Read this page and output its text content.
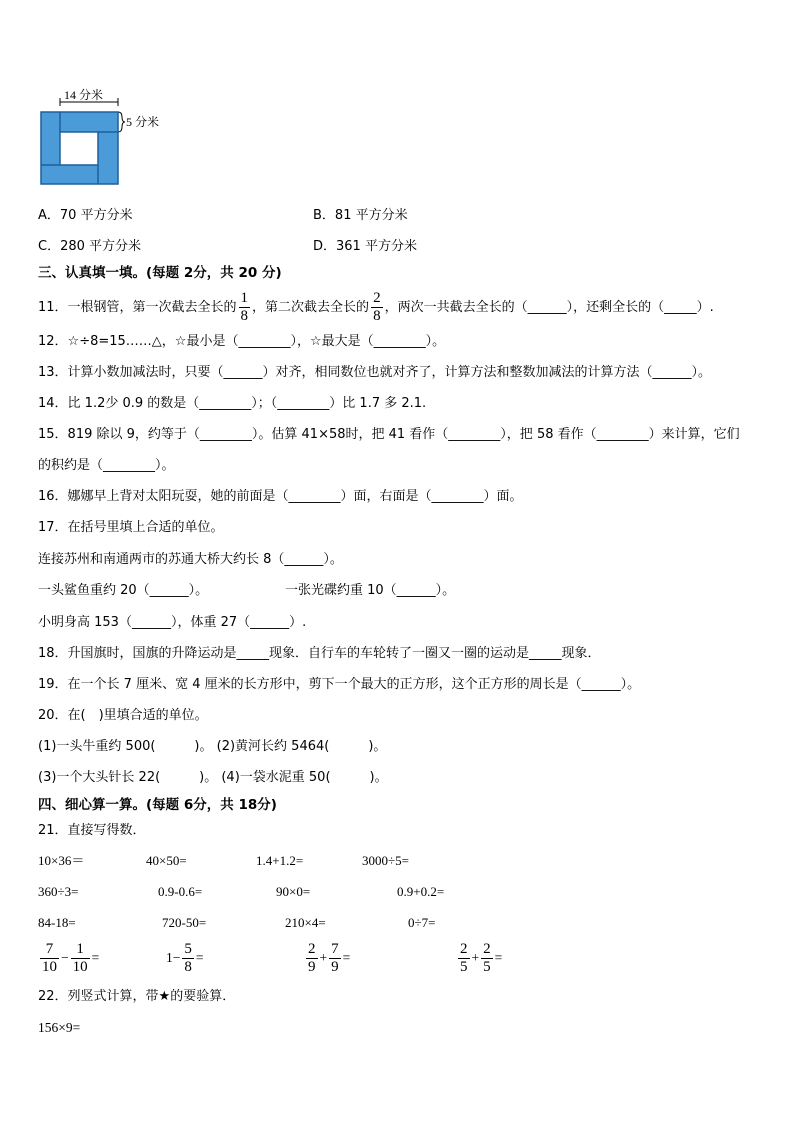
14 分米
5 分米
A．70 平方分米	B．81 平方分米
C．280 平方分米	D．361 平方分米
三、认真填一填。(每题 2分，共 20 分)
11．一根钢管，第一次截去全长的 $\frac{1}{8}$ ，第二次截去全长的 $\frac{2}{8}$ ，两次一共截去全长的（______），还剩全长的（_____）.
12．☆÷8=15……△，☆最小是（________），☆最大是（________）。
13．计算小数加减法时，只要（______）对齐，相同数位也就对齐了，计算方法和整数加减法的计算方法（______）。
14．比 1.2少 0.9 的数是（________）；（________）比 1.7 多 2.1.
15．819 除以 9，约等于（________）。估算 41×58时，把 41 看作（________），把 58 看作（________）来计算，它们
的积约是（________）。
16．娜娜早上背对太阳玩耍，她的前面是（________）面，右面是（________）面。
17．在括号里填上合适的单位。
连接苏州和南通两市的苏通大桥大约长 8（______）。
一头鲨鱼重约 20（______）。	一张光碟约重 10（______）。
小明身高 153（______），体重 27（______）.
18．升国旗时，国旗的升降运动是_____现象．自行车的车轮转了一圈又一圈的运动是_____现象．
19．在一个长 7 厘米、宽 4 厘米的长方形中，剪下一个最大的正方形，这个正方形的周长是（______）。
20．在(　)里填合适的单位。
(1)一头牛重约 500(　　　)。 (2)黄河长约 5464(　　　)。
(3)一个大头针长 22(　　　)。 (4)一袋水泥重 50(　　　)。
四、细心算一算。(每题 6分，共 18分)
21．直接写得数．
10×36＝	40×50=	1.4+1.2=	3000÷5=
360÷3=	0.9-0.6=	90×0=	0.9+0.2=
84-18=	720-50=	210×4=	0÷7=
$\frac{7}{10} - \frac{1}{10}$ =	$1- \frac{5}{8}$ =	$\frac{2}{9} + \frac{7}{9}$ =	$\frac{2}{5} + \frac{2}{5}$ =
22．列竖式计算，带★的要验算．
156×9=
